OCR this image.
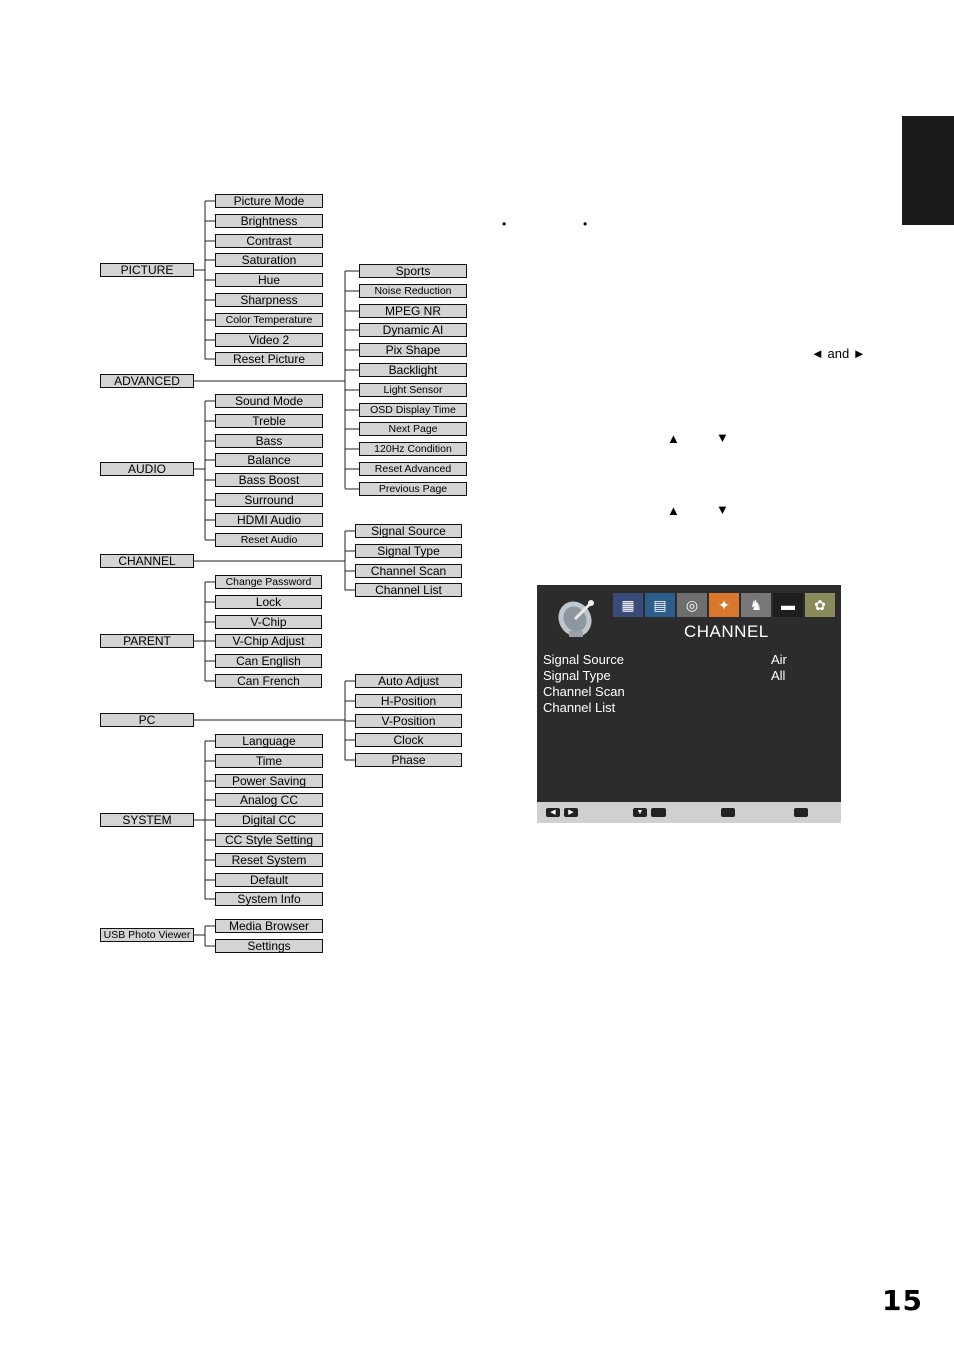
PICTURE
Picture Mode
Brightness
Contrast
Saturation
Hue
Sharpness
Color Temperature
Video 2
Reset Picture
ADVANCED
Sports
Noise Reduction
MPEG NR
Dynamic AI
Pix Shape
Backlight
Light Sensor
OSD Display Time
Next Page
120Hz Condition
Reset Advanced
Previous Page
AUDIO
Sound Mode
Treble
Bass
Balance
Bass Boost
Surround
HDMI Audio
Reset Audio
CHANNEL
Signal Source
Signal Type
Channel Scan
Channel List
PARENT
Change Password
Lock
V-Chip
V-Chip Adjust
Can English
Can French
PC
Auto Adjust
H-Position
V-Position
Clock
Phase
SYSTEM
Language
Time
Power Saving
Analog CC
Digital CC
CC Style Setting
Reset System
Default
System Info
USB Photo Viewer
Media Browser
Settings
•	•
◄ and ►
▲	▼
▲	▼
▦	▤	◎	✦	♞	▬	✿
CHANNEL
Signal Source	Air
Signal Type	All
Channel Scan
Channel List
◀	▶	▼
15
